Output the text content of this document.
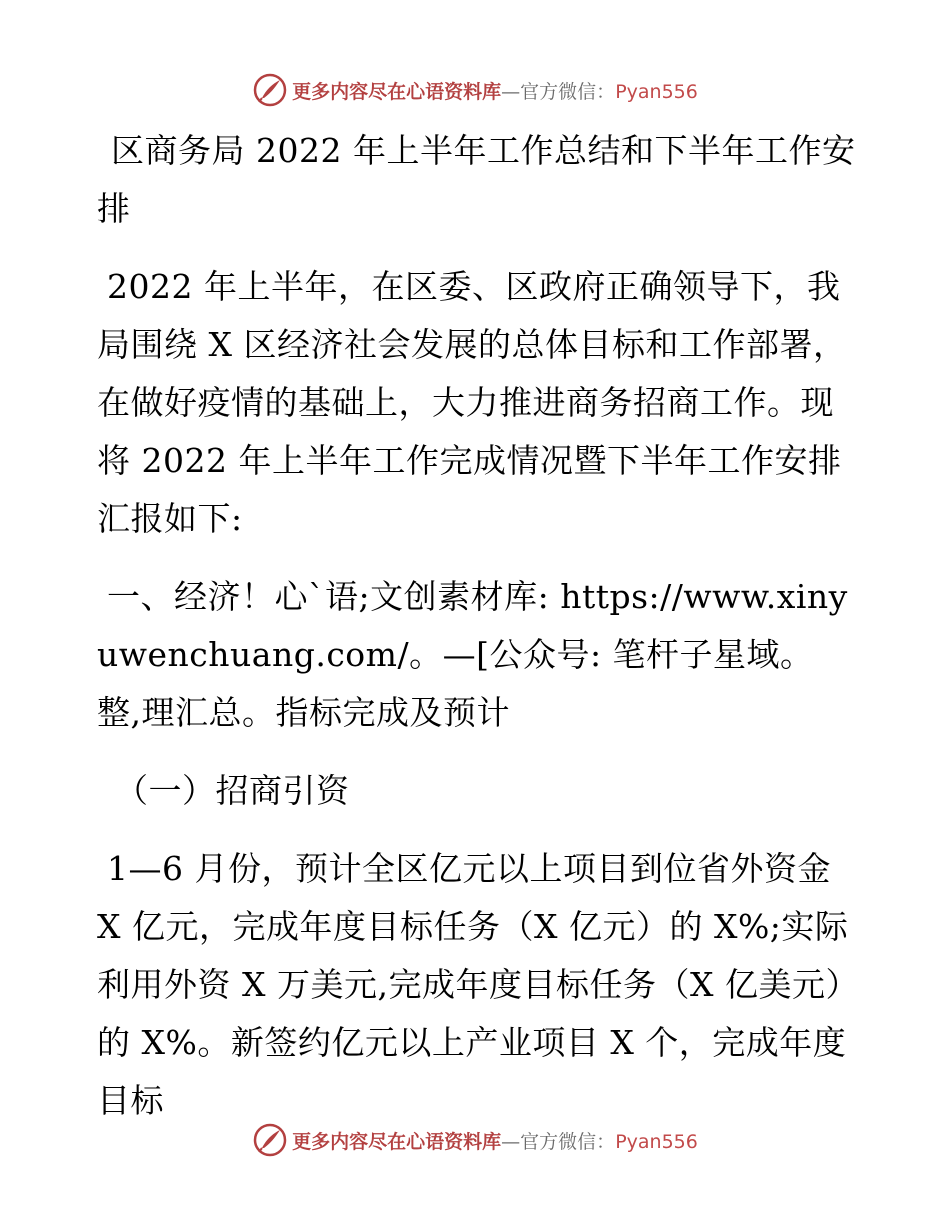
更多内容尽在心语资料库—官方微信：Pyan556

区商务局 2022 年上半年工作总结和下半年工作安排

2022 年上半年，在区委、区政府正确领导下，我局围绕 X 区经济社会发展的总体目标和工作部署，在做好疫情的基础上，大力推进商务招商工作。现将 2022 年上半年工作完成情况暨下半年工作安排汇报如下:

一、经济！心`语;文创素材库: https://www.xinyuwenchuang.com/。—[公众号: 笔杆子星域。整,理汇总。指标完成及预计

（一）招商引资

1—6 月份，预计全区亿元以上项目到位省外资金 X 亿元，完成年度目标任务（X 亿元）的 X%;实际利用外资 X 万美元,完成年度目标任务（X 亿美元）的 X%。新签约亿元以上产业项目 X 个，完成年度目标

更多内容尽在心语资料库—官方微信：Pyan556
